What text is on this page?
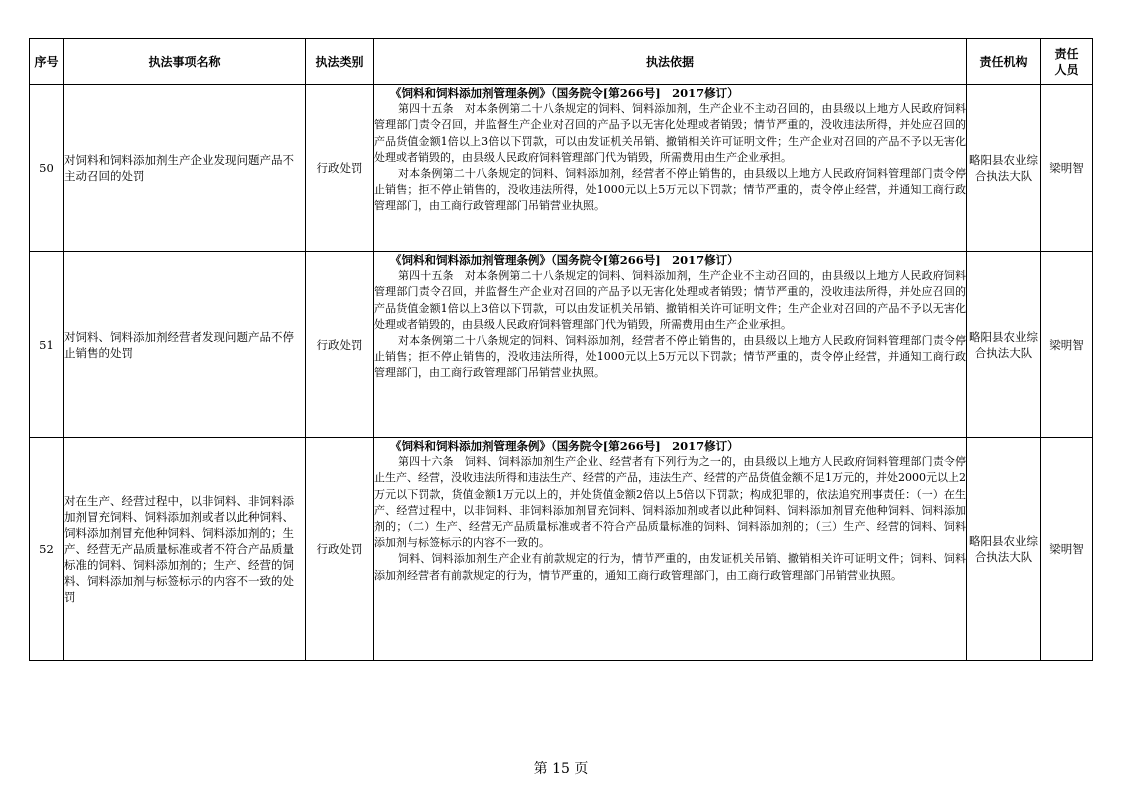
序号	执法事项名称	执法类别	执法依据	责任机构	责任人员
50	对饲料和饲料添加剂生产企业发现问题产品不主动召回的处罚	行政处罚	《饲料和饲料添加剂管理条例》（国务院令[第266号]　2017修订）

第四十五条　对本条例第二十八条规定的饲料、饲料添加剂，生产企业不主动召回的，由县级以上地方人民政府饲料管理部门责令召回，并监督生产企业对召回的产品予以无害化处理或者销毁；情节严重的，没收违法所得，并处应召回的产品货值金额1倍以上3倍以下罚款，可以由发证机关吊销、撤销相关许可证明文件；生产企业对召回的产品不予以无害化处理或者销毁的，由县级人民政府饲料管理部门代为销毁，所需费用由生产企业承担。

对本条例第二十八条规定的饲料、饲料添加剂，经营者不停止销售的，由县级以上地方人民政府饲料管理部门责令停止销售；拒不停止销售的，没收违法所得，处1000元以上5万元以下罚款；情节严重的，责令停止经营，并通知工商行政管理部门，由工商行政管理部门吊销营业执照。	略阳县农业综合执法大队	梁明智
51	对饲料、饲料添加剂经营者发现问题产品不停止销售的处罚	行政处罚	《饲料和饲料添加剂管理条例》（国务院令[第266号]　2017修订）

第四十五条　对本条例第二十八条规定的饲料、饲料添加剂，生产企业不主动召回的，由县级以上地方人民政府饲料管理部门责令召回，并监督生产企业对召回的产品予以无害化处理或者销毁；情节严重的，没收违法所得，并处应召回的产品货值金额1倍以上3倍以下罚款，可以由发证机关吊销、撤销相关许可证明文件；生产企业对召回的产品不予以无害化处理或者销毁的，由县级人民政府饲料管理部门代为销毁，所需费用由生产企业承担。

对本条例第二十八条规定的饲料、饲料添加剂，经营者不停止销售的，由县级以上地方人民政府饲料管理部门责令停止销售；拒不停止销售的，没收违法所得，处1000元以上5万元以下罚款；情节严重的，责令停止经营，并通知工商行政管理部门，由工商行政管理部门吊销营业执照。	略阳县农业综合执法大队	梁明智
52	对在生产、经营过程中，以非饲料、非饲料添加剂冒充饲料、饲料添加剂或者以此种饲料、饲料添加剂冒充他种饲料、饲料添加剂的；生产、经营无产品质量标准或者不符合产品质量标准的饲料、饲料添加剂的；生产、经营的饲料、饲料添加剂与标签标示的内容不一致的处罚	行政处罚	《饲料和饲料添加剂管理条例》（国务院令[第266号]　2017修订）

第四十六条　饲料、饲料添加剂生产企业、经营者有下列行为之一的，由县级以上地方人民政府饲料管理部门责令停止生产、经营，没收违法所得和违法生产、经营的产品，违法生产、经营的产品货值金额不足1万元的，并处2000元以上2万元以下罚款，货值金额1万元以上的，并处货值金额2倍以上5倍以下罚款；构成犯罪的，依法追究刑事责任：（一）在生产、经营过程中，以非饲料、非饲料添加剂冒充饲料、饲料添加剂或者以此种饲料、饲料添加剂冒充他种饲料、饲料添加剂的；（二）生产、经营无产品质量标准或者不符合产品质量标准的饲料、饲料添加剂的；（三）生产、经营的饲料、饲料添加剂与标签标示的内容不一致的。

饲料、饲料添加剂生产企业有前款规定的行为，情节严重的，由发证机关吊销、撤销相关许可证明文件；饲料、饲料添加剂经营者有前款规定的行为，情节严重的，通知工商行政管理部门，由工商行政管理部门吊销营业执照。	略阳县农业综合执法大队	梁明智
第 15 页
